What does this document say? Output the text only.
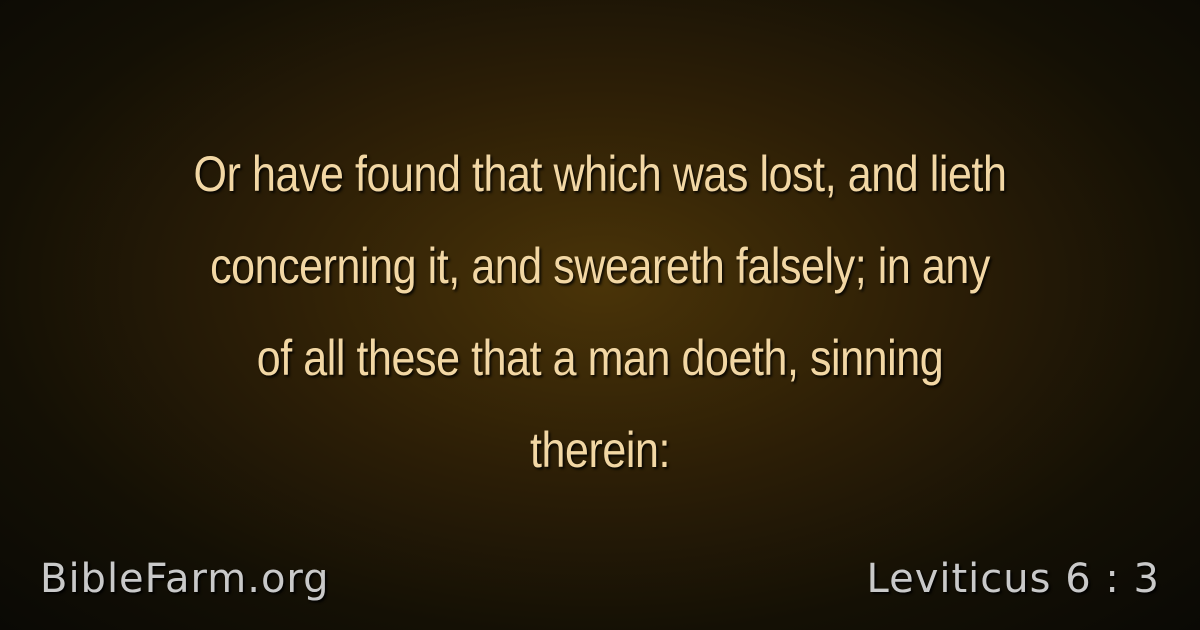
Or have found that which was lost, and lieth
concerning it, and sweareth falsely; in any
of all these that a man doeth, sinning
therein:
BibleFarm.org	Leviticus 6 : 3
